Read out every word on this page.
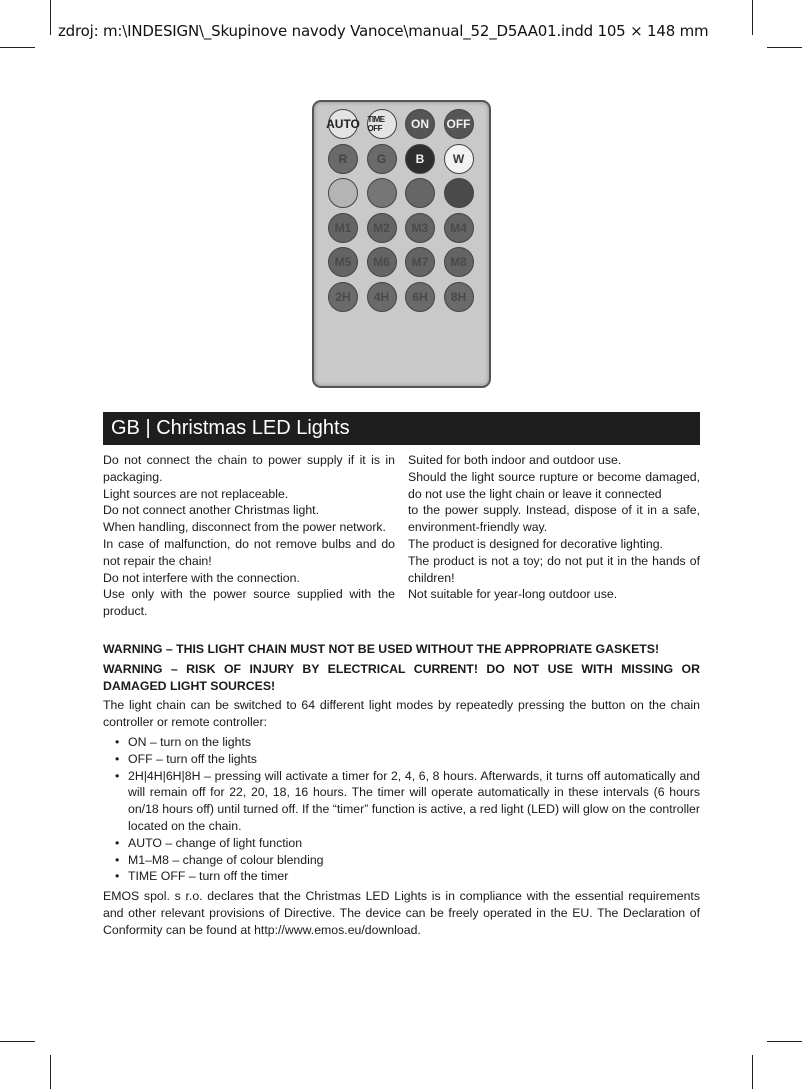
zdroj: m:\INDESIGN\_Skupinove navody Vanoce\manual_52_D5AA01.indd 105 × 148 mm
AUTO TIME OFF	ON	OFF
R	G	B	W
M1	M2	M3	M4
M5	M6	M7	M8
2H	4H	6H	8H
GB | Christmas LED Lights

Do not connect the chain to power supply if it is in packaging.

Light sources are not replaceable.

Do not connect another Christmas light.

When handling, disconnect from the power network.

In case of malfunction, do not remove bulbs and do not repair the chain!

Do not interfere with the connection.

Use only with the power source supplied with the product.

Suited for both indoor and outdoor use.

Should the light source rupture or become damaged, do not use the light chain or leave it connected

to the power supply. Instead, dispose of it in a safe, environment-friendly way.

The product is designed for decorative lighting.

The product is not a toy; do not put it in the hands of children!

Not suitable for year-long outdoor use.

WARNING – THIS LIGHT CHAIN MUST NOT BE USED WITHOUT THE APPROPRIATE GASKETS!

WARNING – RISK OF INJURY BY ELECTRICAL CURRENT! DO NOT USE WITH MISSING OR DAMAGED LIGHT SOURCES!

The light chain can be switched to 64 different light modes by repeatedly pressing the button on the chain controller or remote controller:

• ON – turn on the lights
• OFF – turn off the lights
• 2H|4H|6H|8H – pressing will activate a timer for 2, 4, 6, 8 hours. Afterwards, it turns off automatically and will remain off for 22, 20, 18, 16 hours. The timer will operate automatically in these intervals (6 hours on/18 hours off) until turned off. If the “timer” function is active, a red light (LED) will glow on the controller located on the chain.
• AUTO – change of light function
• M1–M8 – change of colour blending
• TIME OFF – turn off the timer

EMOS spol. s r.o. declares that the Christmas LED Lights is in compliance with the essential requirements and other relevant provisions of Directive. The device can be freely operated in the EU. The Declaration of Conformity can be found at http://www.emos.eu/download.
